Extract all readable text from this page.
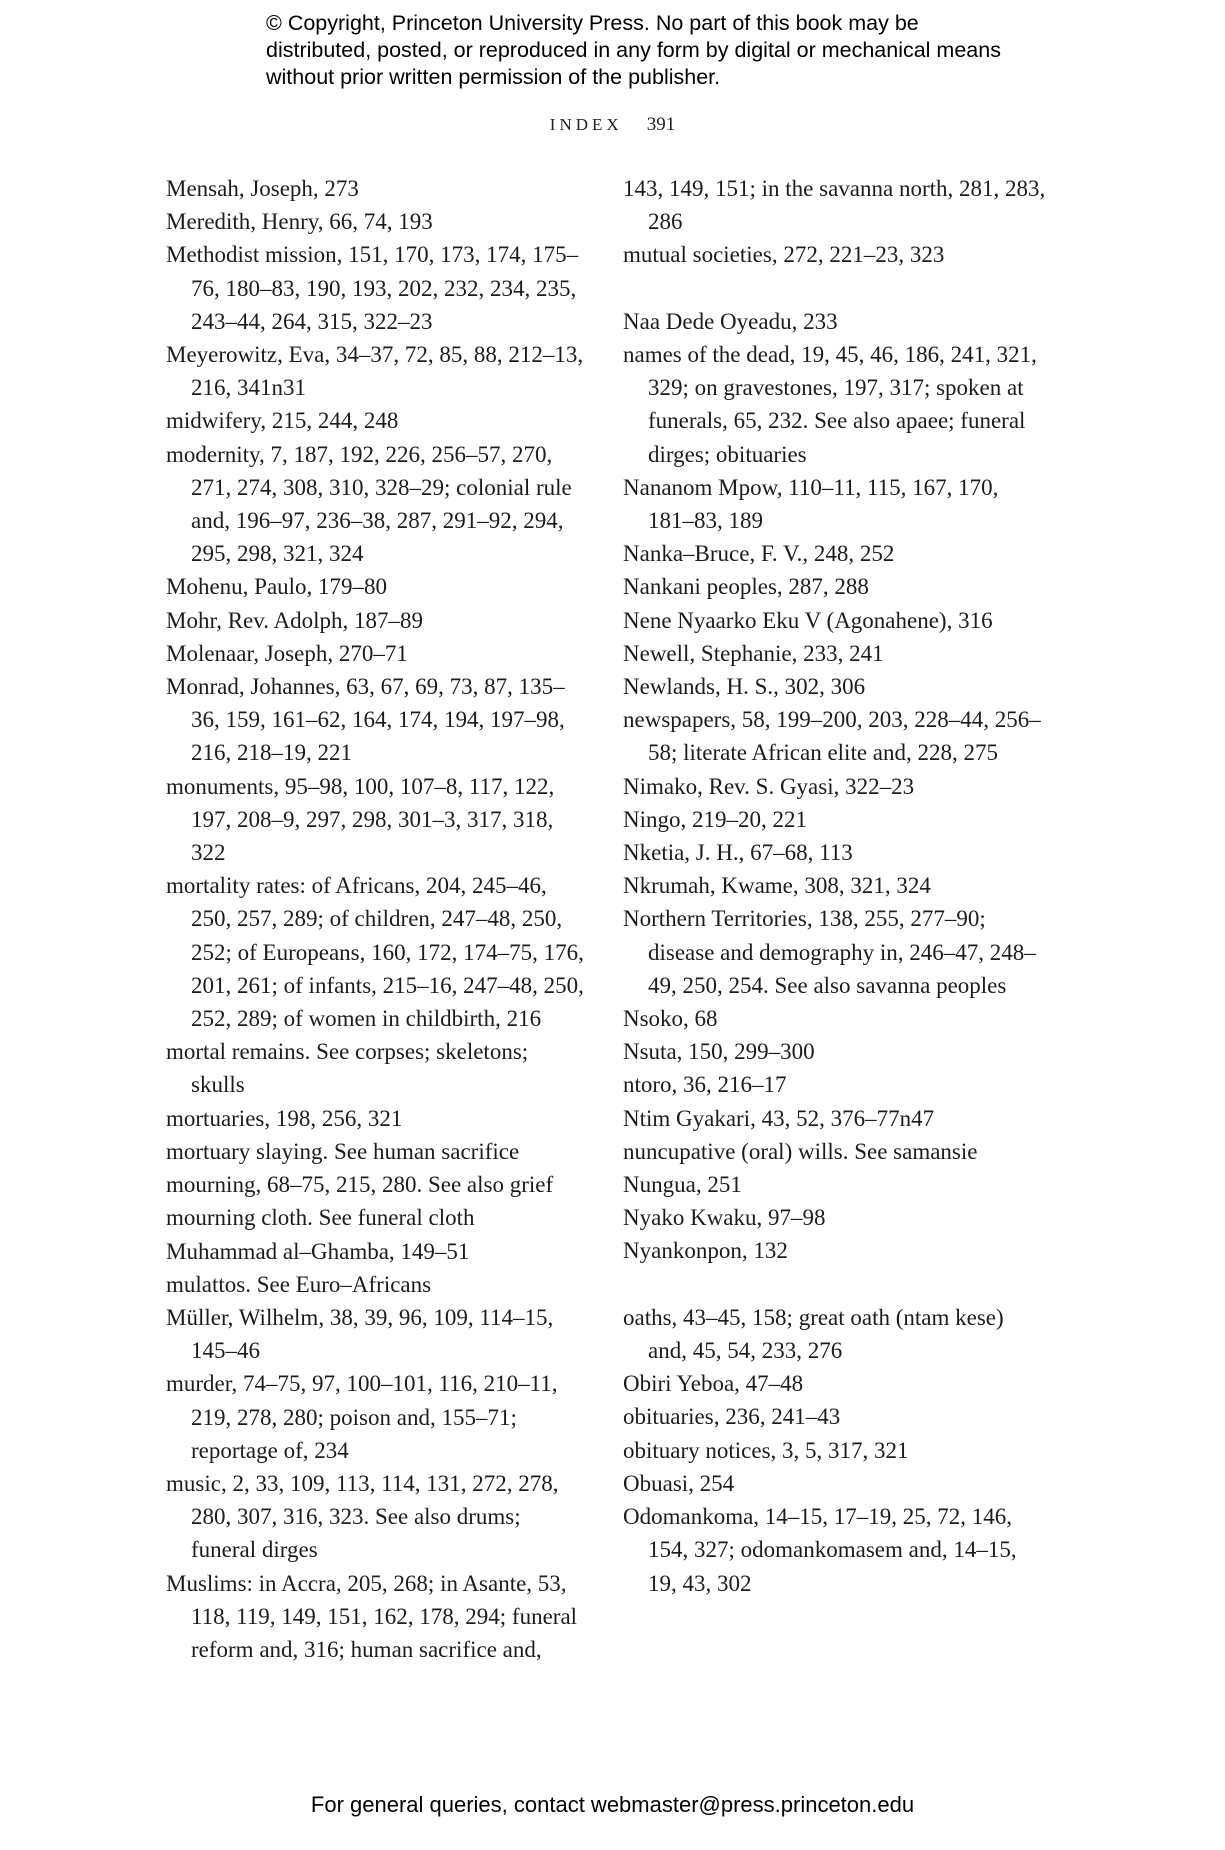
© Copyright, Princeton University Press. No part of this book may be distributed, posted, or reproduced in any form by digital or mechanical means without prior written permission of the publisher.
INDEX 391
Mensah, Joseph, 273
Meredith, Henry, 66, 74, 193
Methodist mission, 151, 170, 173, 174, 175–76, 180–83, 190, 193, 202, 232, 234, 235, 243–44, 264, 315, 322–23
Meyerowitz, Eva, 34–37, 72, 85, 88, 212–13, 216, 341n31
midwifery, 215, 244, 248
modernity, 7, 187, 192, 226, 256–57, 270, 271, 274, 308, 310, 328–29; colonial rule and, 196–97, 236–38, 287, 291–92, 294, 295, 298, 321, 324
Mohenu, Paulo, 179–80
Mohr, Rev. Adolph, 187–89
Molenaar, Joseph, 270–71
Monrad, Johannes, 63, 67, 69, 73, 87, 135–36, 159, 161–62, 164, 174, 194, 197–98, 216, 218–19, 221
monuments, 95–98, 100, 107–8, 117, 122, 197, 208–9, 297, 298, 301–3, 317, 318, 322
mortality rates: of Africans, 204, 245–46, 250, 257, 289; of children, 247–48, 250, 252; of Europeans, 160, 172, 174–75, 176, 201, 261; of infants, 215–16, 247–48, 250, 252, 289; of women in childbirth, 216
mortal remains. See corpses; skeletons; skulls
mortuaries, 198, 256, 321
mortuary slaying. See human sacrifice
mourning, 68–75, 215, 280. See also grief
mourning cloth. See funeral cloth
Muhammad al–Ghamba, 149–51
mulattos. See Euro–Africans
Müller, Wilhelm, 38, 39, 96, 109, 114–15, 145–46
murder, 74–75, 97, 100–101, 116, 210–11, 219, 278, 280; poison and, 155–71; reportage of, 234
music, 2, 33, 109, 113, 114, 131, 272, 278, 280, 307, 316, 323. See also drums; funeral dirges
Muslims: in Accra, 205, 268; in Asante, 53, 118, 119, 149, 151, 162, 178, 294; funeral reform and, 316; human sacrifice and,
143, 149, 151; in the savanna north, 281, 283, 286
mutual societies, 272, 221–23, 323
Naa Dede Oyeadu, 233
names of the dead, 19, 45, 46, 186, 241, 321, 329; on gravestones, 197, 317; spoken at funerals, 65, 232. See also apaee; funeral dirges; obituaries
Nananom Mpow, 110–11, 115, 167, 170, 181–83, 189
Nanka–Bruce, F. V., 248, 252
Nankani peoples, 287, 288
Nene Nyaarko Eku V (Agonahene), 316
Newell, Stephanie, 233, 241
Newlands, H. S., 302, 306
newspapers, 58, 199–200, 203, 228–44, 256–58; literate African elite and, 228, 275
Nimako, Rev. S. Gyasi, 322–23
Ningo, 219–20, 221
Nketia, J. H., 67–68, 113
Nkrumah, Kwame, 308, 321, 324
Northern Territories, 138, 255, 277–90; disease and demography in, 246–47, 248–49, 250, 254. See also savanna peoples
Nsoko, 68
Nsuta, 150, 299–300
ntoro, 36, 216–17
Ntim Gyakari, 43, 52, 376–77n47
nuncupative (oral) wills. See samansie
Nungua, 251
Nyako Kwaku, 97–98
Nyankonpon, 132
oaths, 43–45, 158; great oath (ntam kese) and, 45, 54, 233, 276
Obiri Yeboa, 47–48
obituaries, 236, 241–43
obituary notices, 3, 5, 317, 321
Obuasi, 254
Odomankoma, 14–15, 17–19, 25, 72, 146, 154, 327; odomankomasem and, 14–15, 19, 43, 302
For general queries, contact webmaster@press.princeton.edu
